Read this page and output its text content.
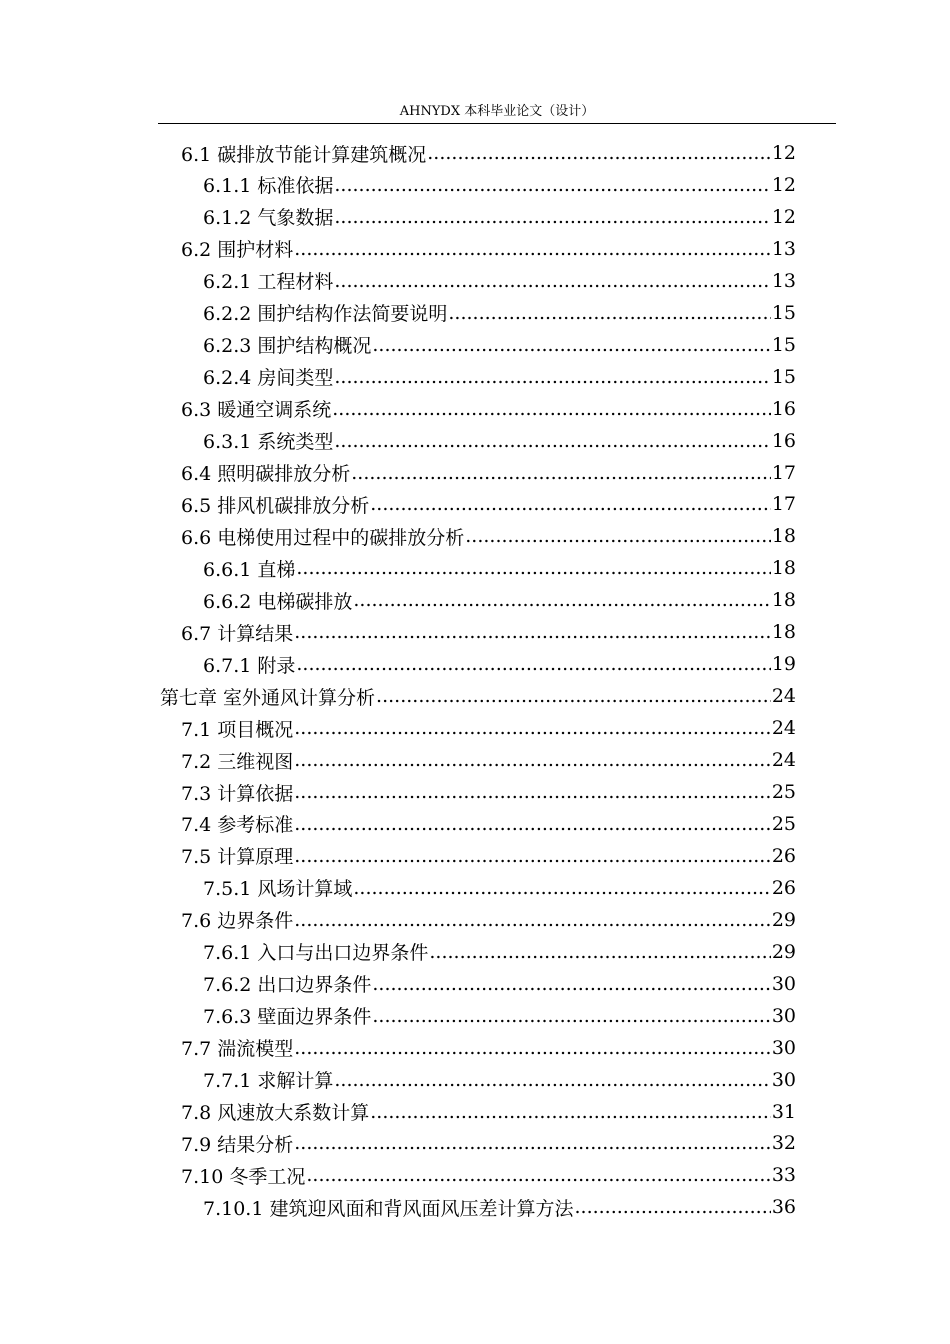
AHNYDX 本科毕业论文（设计）
6.1 碳排放节能计算建筑概况 .....	12
6.1.1 标准依据 .....	12
6.1.2 气象数据 .....	12
6.2 围护材料 .....	13
6.2.1 工程材料 .....	13
6.2.2 围护结构作法简要说明 .....	15
6.2.3 围护结构概况 .....	15
6.2.4 房间类型 .....	15
6.3 暖通空调系统 .....	16
6.3.1 系统类型 .....	16
6.4 照明碳排放分析 .....	17
6.5 排风机碳排放分析 .....	17
6.6 电梯使用过程中的碳排放分析 .....	18
6.6.1 直梯 .....	18
6.6.2 电梯碳排放 .....	18
6.7 计算结果 .....	18
6.7.1 附录 .....	19
第七章 室外通风计算分析 .....	24
7.1 项目概况 .....	24
7.2 三维视图 .....	24
7.3 计算依据 .....	25
7.4 参考标准 .....	25
7.5 计算原理 .....	26
7.5.1 风场计算域 .....	26
7.6 边界条件 .....	29
7.6.1 入口与出口边界条件 .....	29
7.6.2 出口边界条件 .....	30
7.6.3 壁面边界条件 .....	30
7.7 湍流模型 .....	30
7.7.1 求解计算 .....	30
7.8 风速放大系数计算 .....	31
7.9 结果分析 .....	32
7.10 冬季工况 .....	33
7.10.1 建筑迎风面和背风面风压差计算方法 .....	36
